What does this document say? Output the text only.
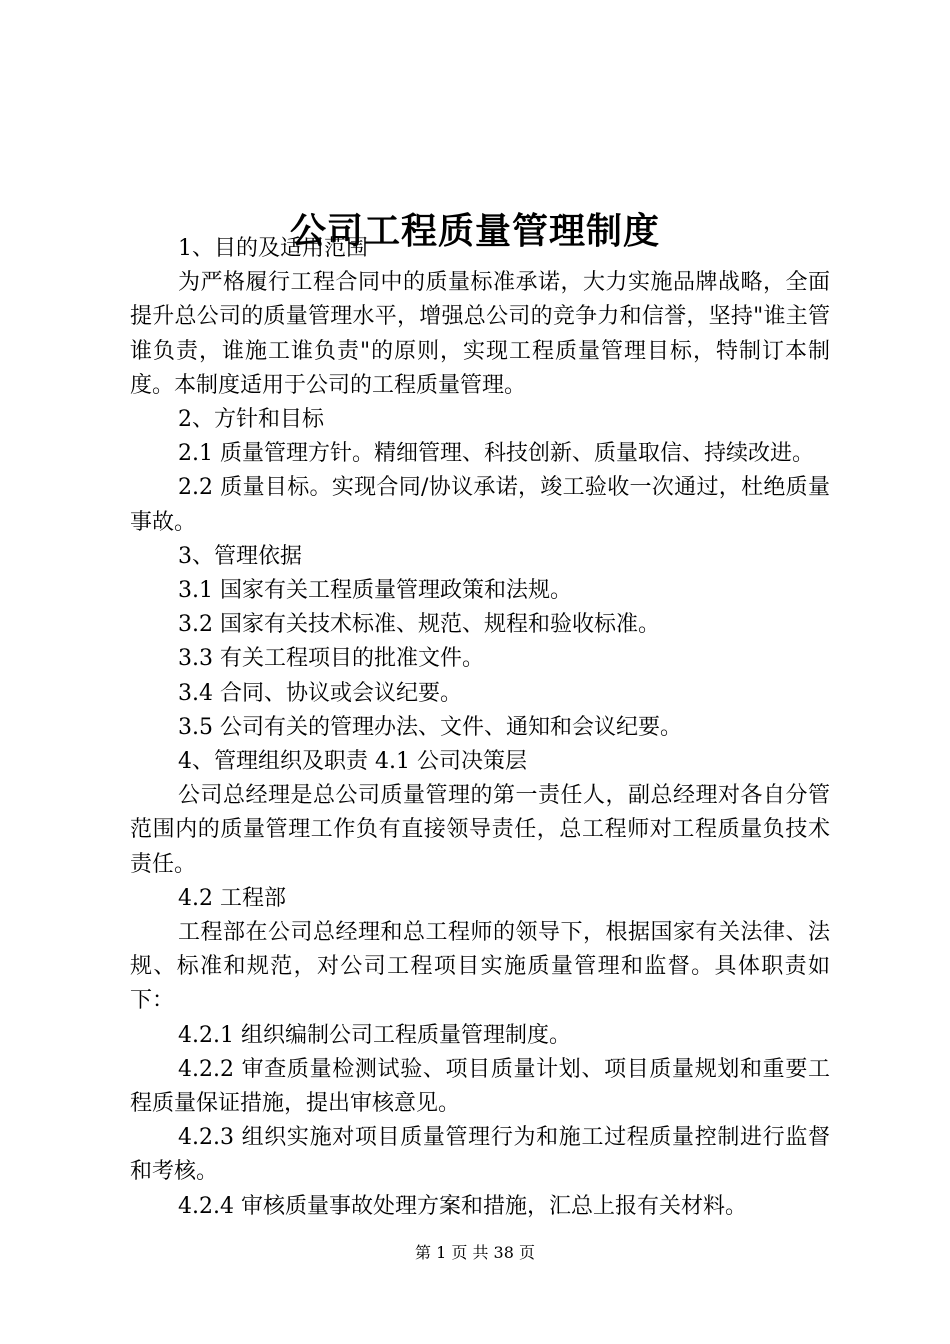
公司工程质量管理制度

1、目的及适用范围

为严格履行工程合同中的质量标准承诺，大力实施品牌战略，全面提升总公司的质量管理水平，增强总公司的竞争力和信誉，坚持"谁主管谁负责，谁施工谁负责"的原则，实现工程质量管理目标，特制订本制度。本制度适用于公司的工程质量管理。

2、方针和目标

2.1 质量管理方针。精细管理、科技创新、质量取信、持续改进。

2.2 质量目标。实现合同/协议承诺，竣工验收一次通过，杜绝质量事故。

3、管理依据

3.1 国家有关工程质量管理政策和法规。

3.2 国家有关技术标准、规范、规程和验收标准。

3.3 有关工程项目的批准文件。

3.4 合同、协议或会议纪要。

3.5 公司有关的管理办法、文件、通知和会议纪要。

4、管理组织及职责 4.1 公司决策层

公司总经理是总公司质量管理的第一责任人，副总经理对各自分管范围内的质量管理工作负有直接领导责任，总工程师对工程质量负技术责任。

4.2 工程部

工程部在公司总经理和总工程师的领导下，根据国家有关法律、法规、标准和规范，对公司工程项目实施质量管理和监督。具体职责如下：

4.2.1 组织编制公司工程质量管理制度。

4.2.2 审查质量检测试验、项目质量计划、项目质量规划和重要工程质量保证措施，提出审核意见。

4.2.3 组织实施对项目质量管理行为和施工过程质量控制进行监督和考核。

4.2.4 审核质量事故处理方案和措施，汇总上报有关材料。

第 1 页 共 38 页
